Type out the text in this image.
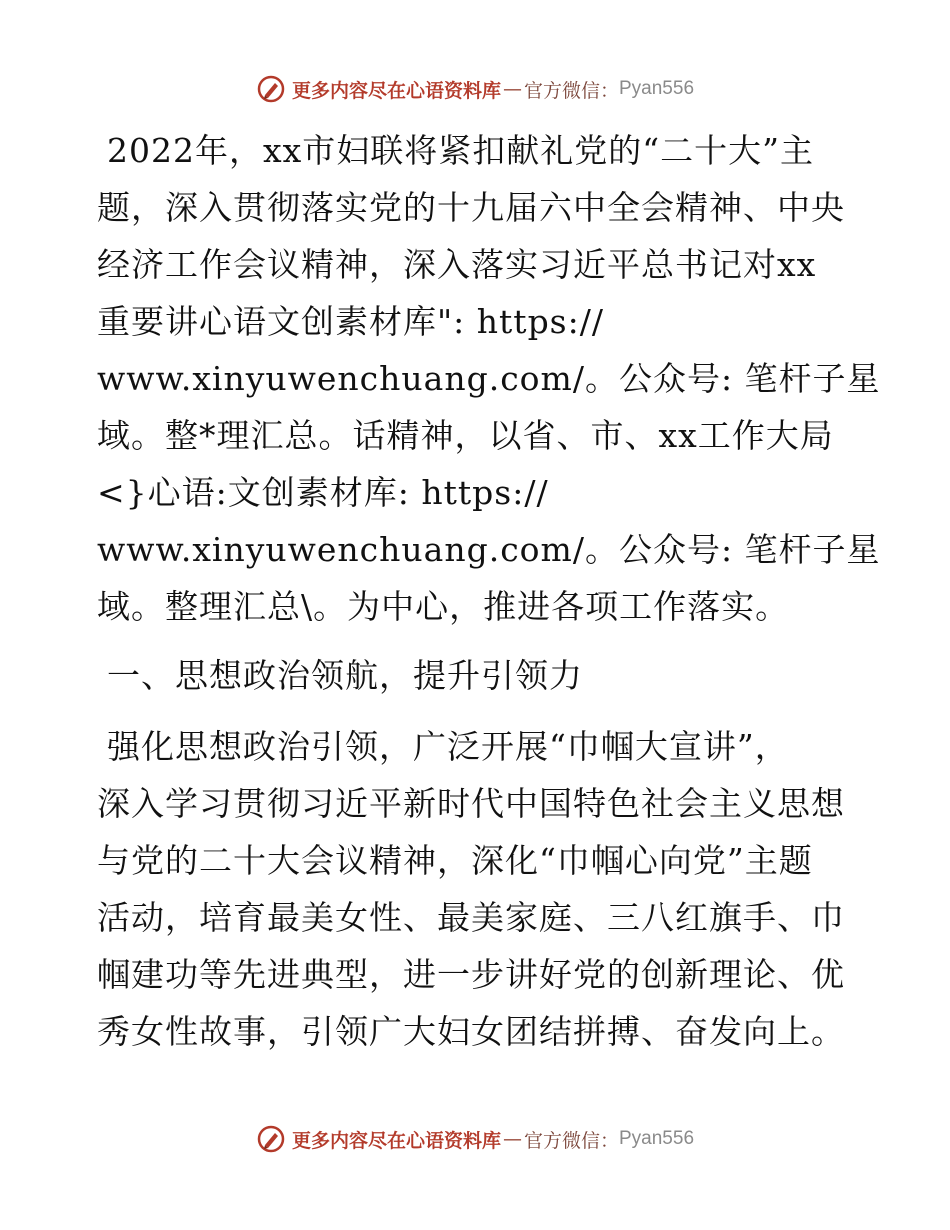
更多内容尽在心语资料库 — 官方微信： Pyan556

2022年，xx市妇联将紧扣献礼党的“二十大”主
题，深入贯彻落实党的十九届六中全会精神、中央
经济工作会议精神，深入落实习近平总书记对xx
重要讲心语文创素材库": https://
www.xinyuwenchuang.com/。公众号: 笔杆子星
域。整*理汇总。话精神，以省、市、xx工作大局
<}心语:文创素材库: https://
www.xinyuwenchuang.com/。公众号: 笔杆子星
域。整理汇总\。为中心，推进各项工作落实。

一、思想政治领航，提升引领力

强化思想政治引领，广泛开展“巾帼大宣讲”，
深入学习贯彻习近平新时代中国特色社会主义思想
与党的二十大会议精神，深化“巾帼心向党”主题
活动，培育最美女性、最美家庭、三八红旗手、巾
帼建功等先进典型，进一步讲好党的创新理论、优
秀女性故事，引领广大妇女团结拼搏、奋发向上。

更多内容尽在心语资料库 — 官方微信： Pyan556
